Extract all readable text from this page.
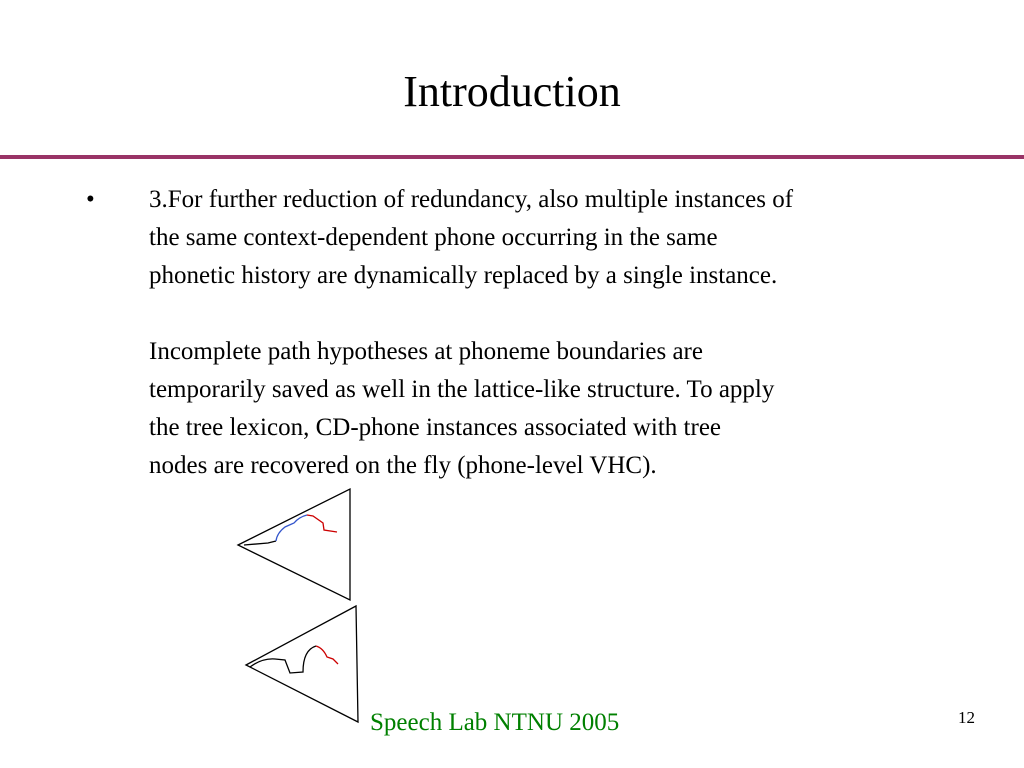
Introduction
• 3.For further reduction of redundancy, also multiple instances of

the same context-dependent phone occurring in the same

phonetic history are dynamically replaced by a single instance.

Incomplete path hypotheses at phoneme boundaries are

temporarily saved as well in the lattice-like structure. To apply

the tree lexicon, CD-phone instances associated with tree

nodes are recovered on the fly (phone-level VHC).

Speech Lab NTNU 2005	12
